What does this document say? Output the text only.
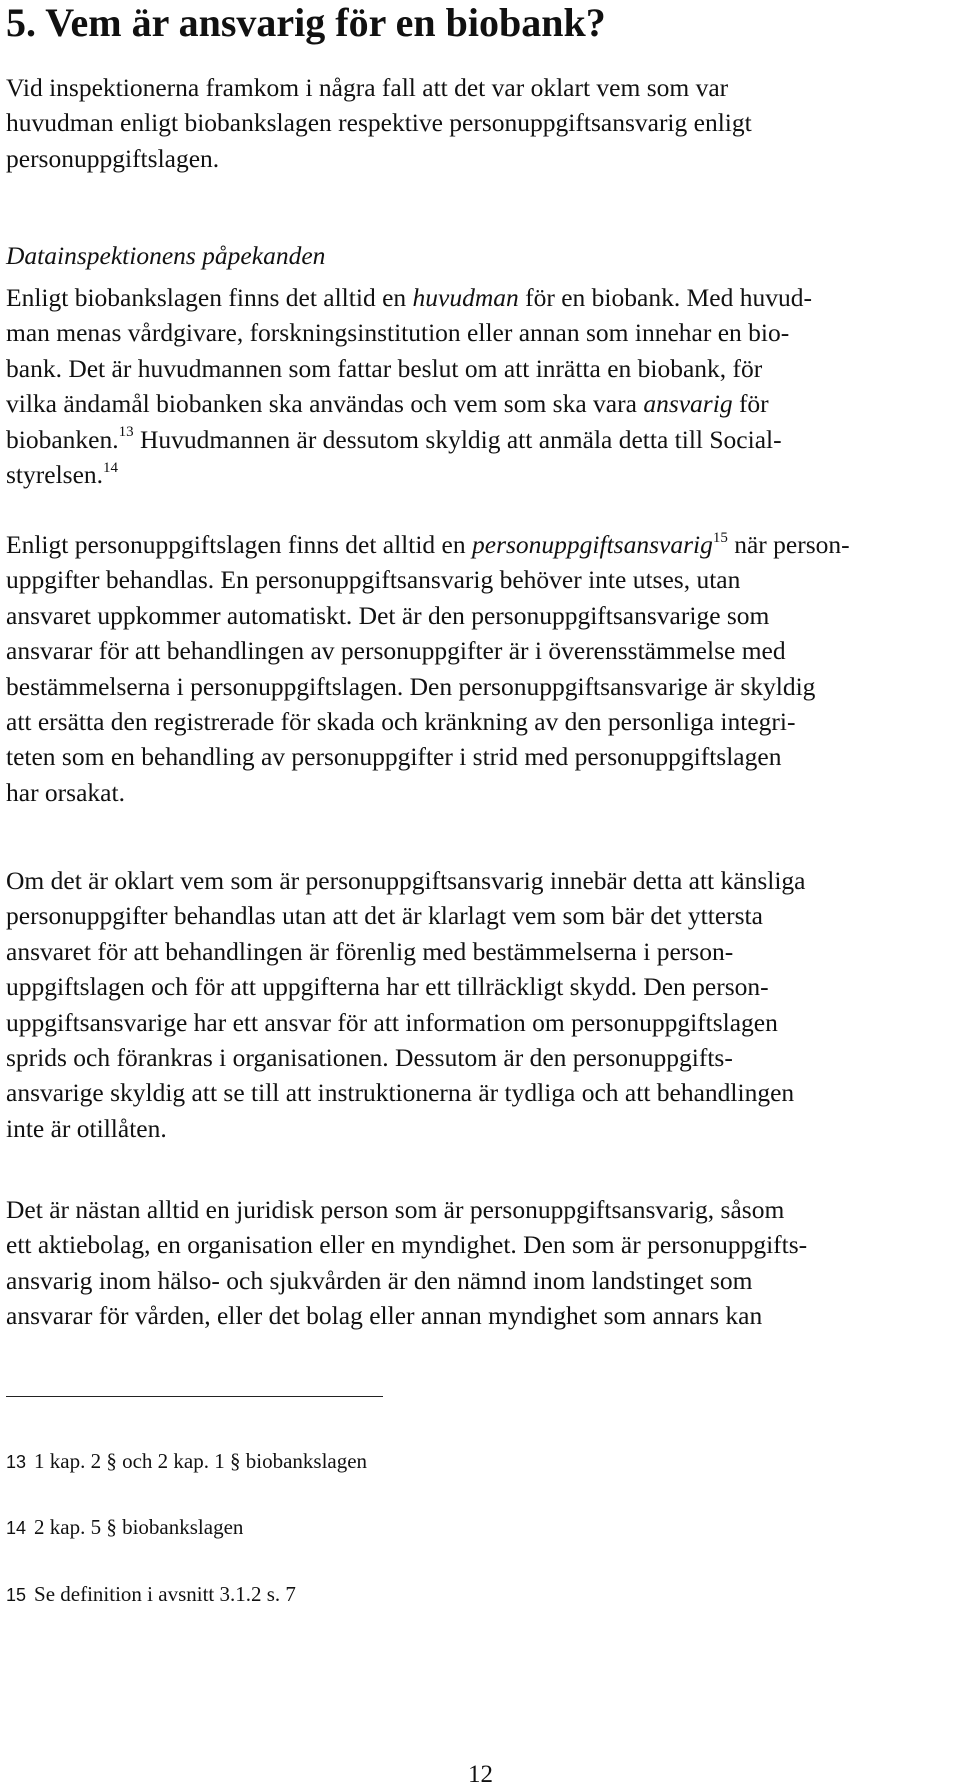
5. Vem är ansvarig för en biobank?
Vid inspektionerna framkom i några fall att det var oklart vem som var
huvudman enligt biobankslagen respektive personuppgiftsansvarig enligt
personuppgiftslagen.
Datainspektionens påpekanden
Enligt biobankslagen finns det alltid en huvudman för en biobank. Med huvud-
man menas vårdgivare, forskningsinstitution eller annan som innehar en bio-
bank. Det är huvudmannen som fattar beslut om att inrätta en biobank, för
vilka ändamål biobanken ska användas och vem som ska vara ansvarig för
biobanken.$^{13}$ Huvudmannen är dessutom skyldig att anmäla detta till Social-
styrelsen.$^{14}$
Enligt personuppgiftslagen finns det alltid en personuppgiftsansvarig$^{15}$ när person-
uppgifter behandlas. En personuppgiftsansvarig behöver inte utses, utan
ansvaret uppkommer automatiskt. Det är den personuppgiftsansvarige som
ansvarar för att behandlingen av personuppgifter är i överensstämmelse med
bestämmelserna i personuppgiftslagen. Den personuppgiftsansvarige är skyldig
att ersätta den registrerade för skada och kränkning av den personliga integri-
teten som en behandling av personuppgifter i strid med personuppgiftslagen
har orsakat.
Om det är oklart vem som är personuppgiftsansvarig innebär detta att känsliga
personuppgifter behandlas utan att det är klarlagt vem som bär det yttersta
ansvaret för att behandlingen är förenlig med bestämmelserna i person-
uppgiftslagen och för att uppgifterna har ett tillräckligt skydd. Den person-
uppgiftsansvarige har ett ansvar för att information om personuppgiftslagen
sprids och förankras i organisationen. Dessutom är den personuppgifts-
ansvarige skyldig att se till att instruktionerna är tydliga och att behandlingen
inte är otillåten.
Det är nästan alltid en juridisk person som är personuppgiftsansvarig, såsom
ett aktiebolag, en organisation eller en myndighet. Den som är personuppgifts-
ansvarig inom hälso- och sjukvården är den nämnd inom landstinget som
ansvarar för vården, eller det bolag eller annan myndighet som annars kan
13 1 kap. 2 § och 2 kap. 1 § biobankslagen
14 2 kap. 5 § biobankslagen
15 Se definition i avsnitt 3.1.2 s. 7
12
